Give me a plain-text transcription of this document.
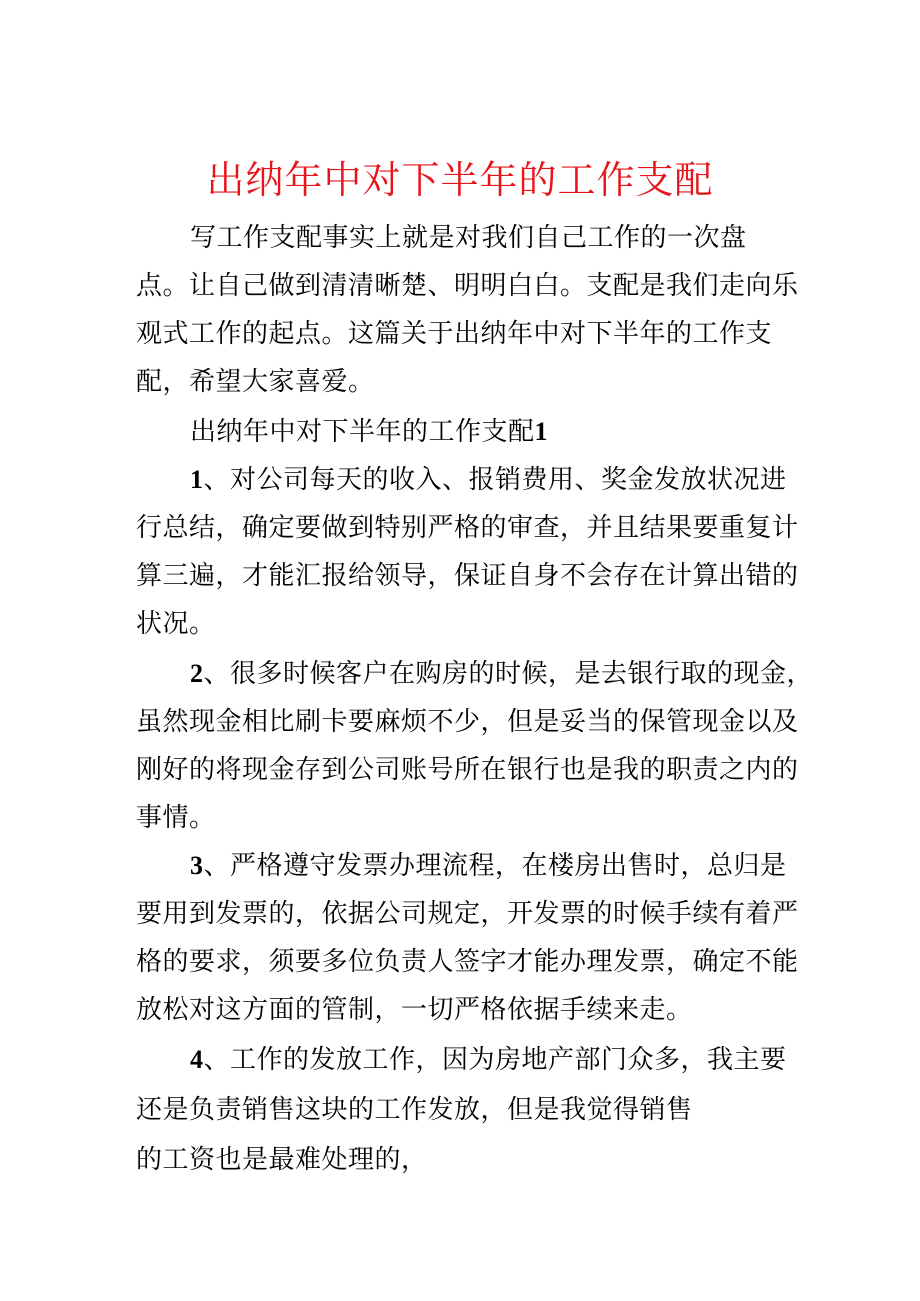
出纳年中对下半年的工作支配
写工作支配事实上就是对我们自己工作的一次盘
点。让自己做到清清晰楚、明明白白。支配是我们走向乐
观式工作的起点。这篇关于出纳年中对下半年的工作支
配，希望大家喜爱。
出纳年中对下半年的工作支配1
1、对公司每天的收入、报销费用、奖金发放状况进
行总结，确定要做到特别严格的审查，并且结果要重复计
算三遍，才能汇报给领导，保证自身不会存在计算出错的
状况。
2、很多时候客户在购房的时候，是去银行取的现金，
虽然现金相比刷卡要麻烦不少，但是妥当的保管现金以及
刚好的将现金存到公司账号所在银行也是我的职责之内的
事情。
3、严格遵守发票办理流程，在楼房出售时，总归是
要用到发票的，依据公司规定，开发票的时候手续有着严
格的要求，须要多位负责人签字才能办理发票，确定不能
放松对这方面的管制，一切严格依据手续来走。
4、工作的发放工作，因为房地产部门众多，我主要
还是负责销售这块的工作发放，但是我觉得销售
的工资也是最难处理的，
